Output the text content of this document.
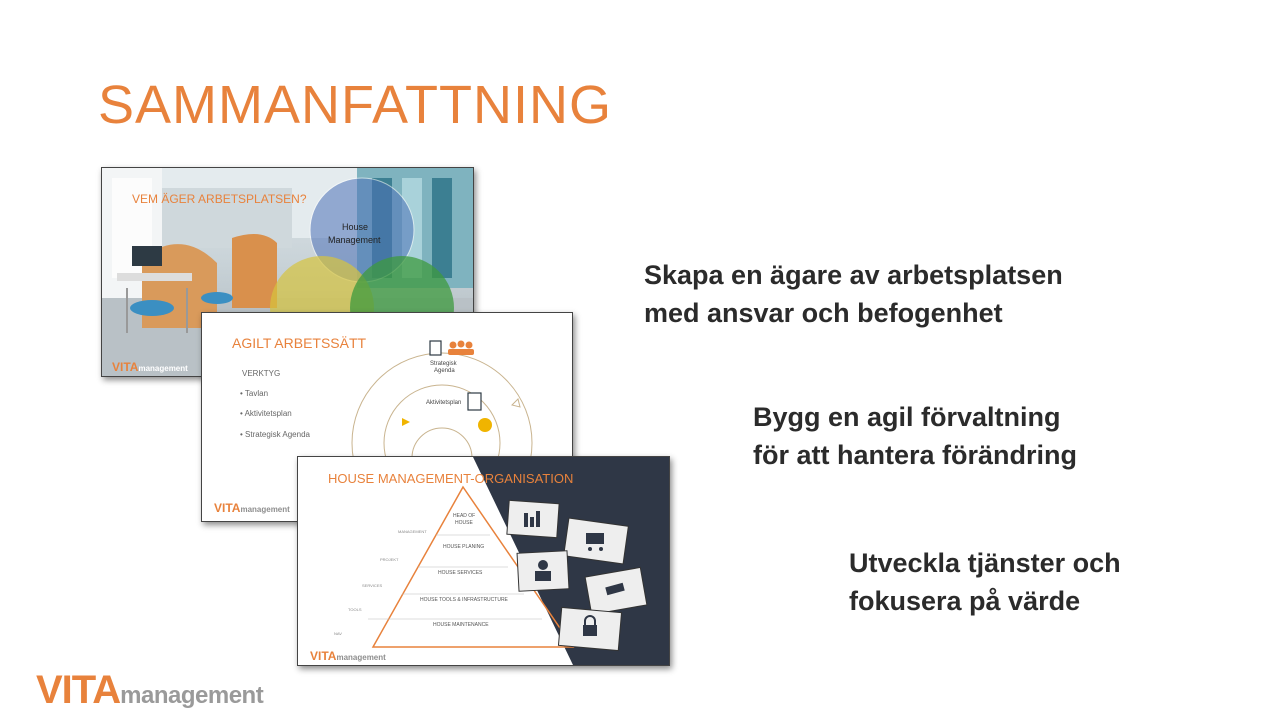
SAMMANFATTNING
VEM ÄGER ARBETSPLATSEN?
House
Management
VITAmanagement
AGILT ARBETSSÄTT
VERKTYG
• Tavlan
• Aktivitetsplan
• Strategisk Agenda
Strategisk
Agenda
Aktivitetsplan
VITAmanagement
HOUSE MANAGEMENT-ORGANISATION
HEAD OF
HOUSE
HOUSE PLANING
HOUSE SERVICES
HOUSE TOOLS & INFRASTRUCTURE
HOUSE MAINTENANCE
MANAGEMENT
PROJEKT
SERVICES
TOOLS
NAV
VITAmanagement
Skapa en ägare av arbetsplatsen
med ansvar och befogenhet
Bygg en agil förvaltning
för att hantera förändring
Utveckla tjänster och
fokusera på värde
VITAmanagement
